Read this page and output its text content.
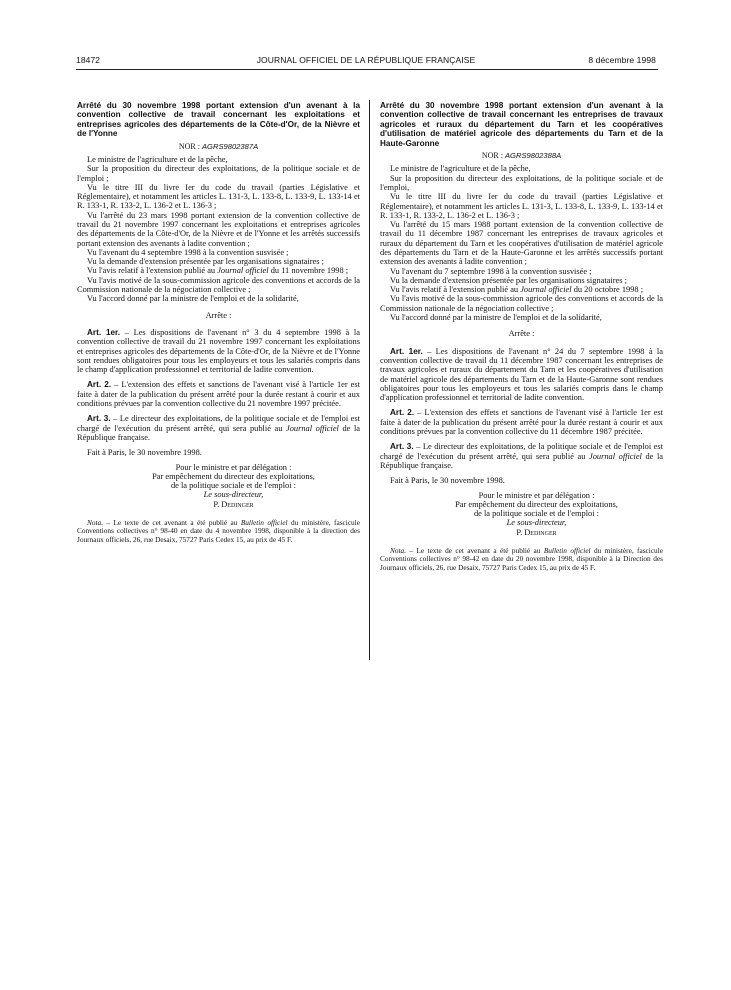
18472	JOURNAL OFFICIEL DE LA RÉPUBLIQUE FRANÇAISE	8 décembre 1998
Arrêté du 30 novembre 1998 portant extension d'un avenant à la convention collective de travail concernant les exploitations et entreprises agricoles des départements de la Côte-d'Or, de la Nièvre et de l'Yonne
NOR : AGRS9802387A

Le ministre de l'agriculture et de la pêche,

Sur la proposition du directeur des exploitations, de la politique sociale et de l'emploi ;

Vu le titre III du livre Ier du code du travail (parties Législative et Réglementaire), et notamment les articles L. 131-3, L. 133-8, L. 133-9, L. 133-14 et R. 133-1, R. 133-2, L. 136-2 et L. 136-3 ;

Vu l'arrêté du 23 mars 1998 portant extension de la convention collective de travail du 21 novembre 1997 concernant les exploitations et entreprises agricoles des départements de la Côte-d'Or, de la Nièvre et de l'Yonne et les arrêtés successifs portant extension des avenants à ladite convention ;

Vu l'avenant du 4 septembre 1998 à la convention susvisée ;

Vu la demande d'extension présentée par les organisations signataires ;

Vu l'avis relatif à l'extension publié au Journal officiel du 11 novembre 1998 ;

Vu l'avis motivé de la sous-commission agricole des conventions et accords de la Commission nationale de la négociation collective ;

Vu l'accord donné par la ministre de l'emploi et de la solidarité,

Arrête :

Art. 1er. – Les dispositions de l'avenant n° 3 du 4 septembre 1998 à la convention collective de travail du 21 novembre 1997 concernant les exploitations et entreprises agricoles des départements de la Côte-d'Or, de la Nièvre et de l'Yonne sont rendues obligatoires pour tous les employeurs et tous les salariés compris dans le champ d'application professionnel et territorial de ladite convention.

Art. 2. – L'extension des effets et sanctions de l'avenant visé à l'article 1er est faite à dater de la publication du présent arrêté pour la durée restant à courir et aux conditions prévues par la convention collective du 21 novembre 1997 précitée.

Art. 3. – Le directeur des exploitations, de la politique sociale et de l'emploi est chargé de l'exécution du présent arrêté, qui sera publié au Journal officiel de la République française.

Fait à Paris, le 30 novembre 1998.

Pour le ministre et par délégation :
Par empêchement du directeur des exploitations,
de la politique sociale et de l'emploi :
Le sous-directeur,
P. Dedinger

Nota. – Le texte de cet avenant a été publié au Bulletin officiel du ministère, fascicule Conventions collectives n° 98-40 en date du 4 novembre 1998, disponible à la direction des Journaux officiels, 26, rue Desaix, 75727 Paris Cedex 15, au prix de 45 F.

Arrêté du 30 novembre 1998 portant extension d'un avenant à la convention collective de travail concernant les entreprises de travaux agricoles et ruraux du département du Tarn et les coopératives d'utilisation de matériel agricole des départements du Tarn et de la Haute-Garonne
NOR : AGRS9802388A

Le ministre de l'agriculture et de la pêche,

Sur la proposition du directeur des exploitations, de la politique sociale et de l'emploi,

Vu le titre III du livre Ier du code du travail (parties Législative et Réglementaire), et notamment les articles L. 131-3, L. 133-8, L. 133-9, L. 133-14 et R. 133-1, R. 133-2, L. 136-2 et L. 136-3 ;

Vu l'arrêté du 15 mars 1988 portant extension de la convention collective de travail du 11 décembre 1987 concernant les entreprises de travaux agricoles et ruraux du département du Tarn et les coopératives d'utilisation de matériel agricole des départements du Tarn et de la Haute-Garonne et les arrêtés successifs portant extension des avenants à ladite convention ;

Vu l'avenant du 7 septembre 1998 à la convention susvisée ;

Vu la demande d'extension présentée par les organisations signataires ;

Vu l'avis relatif à l'extension publié au Journal officiel du 20 octobre 1998 ;

Vu l'avis motivé de la sous-commission agricole des conventions et accords de la Commission nationale de la négociation collective ;

Vu l'accord donné par la ministre de l'emploi et de la solidarité,

Arrête :

Art. 1er. – Les dispositions de l'avenant n° 24 du 7 septembre 1998 à la convention collective de travail du 11 décembre 1987 concernant les entreprises de travaux agricoles et ruraux du département du Tarn et les coopératives d'utilisation de matériel agricole des départements du Tarn et de la Haute-Garonne sont rendues obligatoires pour tous les employeurs et tous les salariés compris dans le champ d'application professionnel et territorial de ladite convention.

Art. 2. – L'extension des effets et sanctions de l'avenant visé à l'article 1er est faite à dater de la publication du présent arrêté pour la durée restant à courir et aux conditions prévues par la convention collective du 11 décembre 1987 précitée.

Art. 3. – Le directeur des exploitations, de la politique sociale et de l'emploi est chargé de l'exécution du présent arrêté, qui sera publié au Journal officiel de la République française.

Fait à Paris, le 30 novembre 1998.

Pour le ministre et par délégation :
Par empêchement du directeur des exploitations,
de la politique sociale et de l'emploi :
Le sous-directeur,
P. Dedinger

Nota. – Le texte de cet avenant a été publié au Bulletin officiel du ministère, fascicule Conventions collectives n° 98-42 en date du 20 novembre 1998, disponible à la Direction des Journaux officiels, 26, rue Desaix, 75727 Paris Cedex 15, au prix de 45 F.
